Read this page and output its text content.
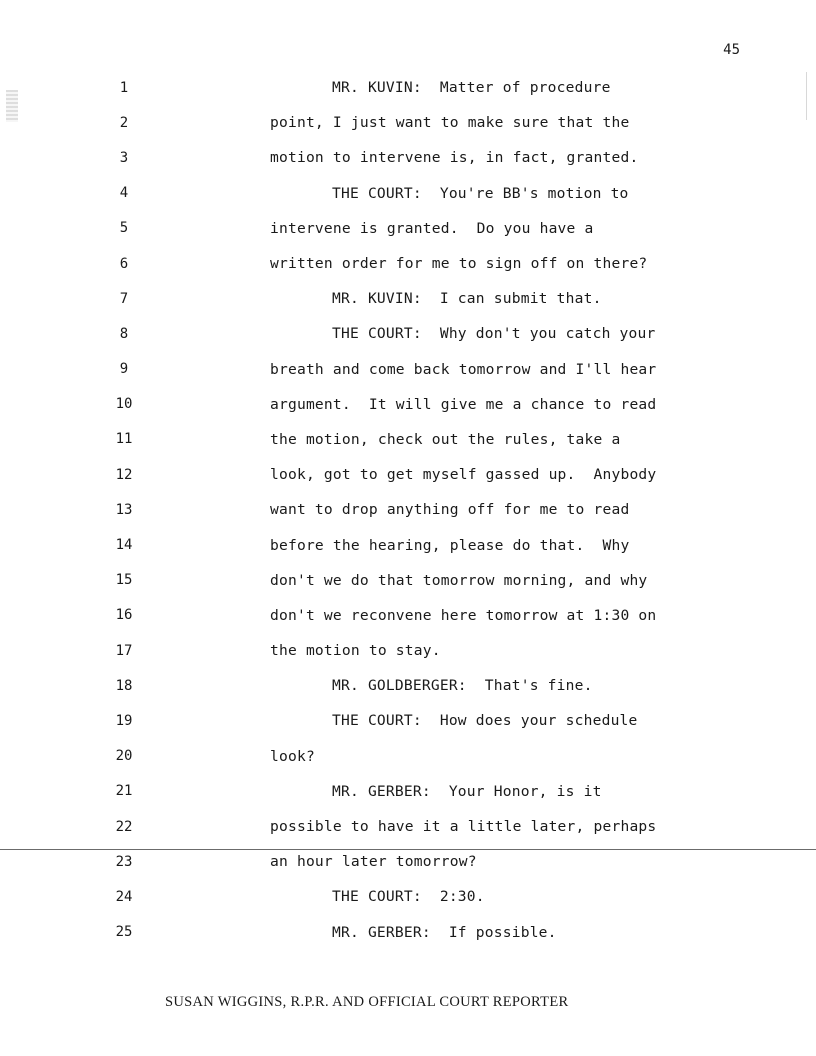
45
1	MR. KUVIN:  Matter of procedure
2	point, I just want to make sure that the
3	motion to intervene is, in fact, granted.
4	THE COURT:  You're BB's motion to
5	intervene is granted.  Do you have a
6	written order for me to sign off on there?
7	MR. KUVIN:  I can submit that.
8	THE COURT:  Why don't you catch your
9	breath and come back tomorrow and I'll hear
10	argument.  It will give me a chance to read
11	the motion, check out the rules, take a
12	look, got to get myself gassed up.  Anybody
13	want to drop anything off for me to read
14	before the hearing, please do that.  Why
15	don't we do that tomorrow morning, and why
16	don't we reconvene here tomorrow at 1:30 on
17	the motion to stay.
18	MR. GOLDBERGER:  That's fine.
19	THE COURT:  How does your schedule
20	look?
21	MR. GERBER:  Your Honor, is it
22	possible to have it a little later, perhaps
23	an hour later tomorrow?
24	THE COURT:  2:30.
25	MR. GERBER:  If possible.
SUSAN WIGGINS, R.P.R. AND OFFICIAL COURT REPORTER
